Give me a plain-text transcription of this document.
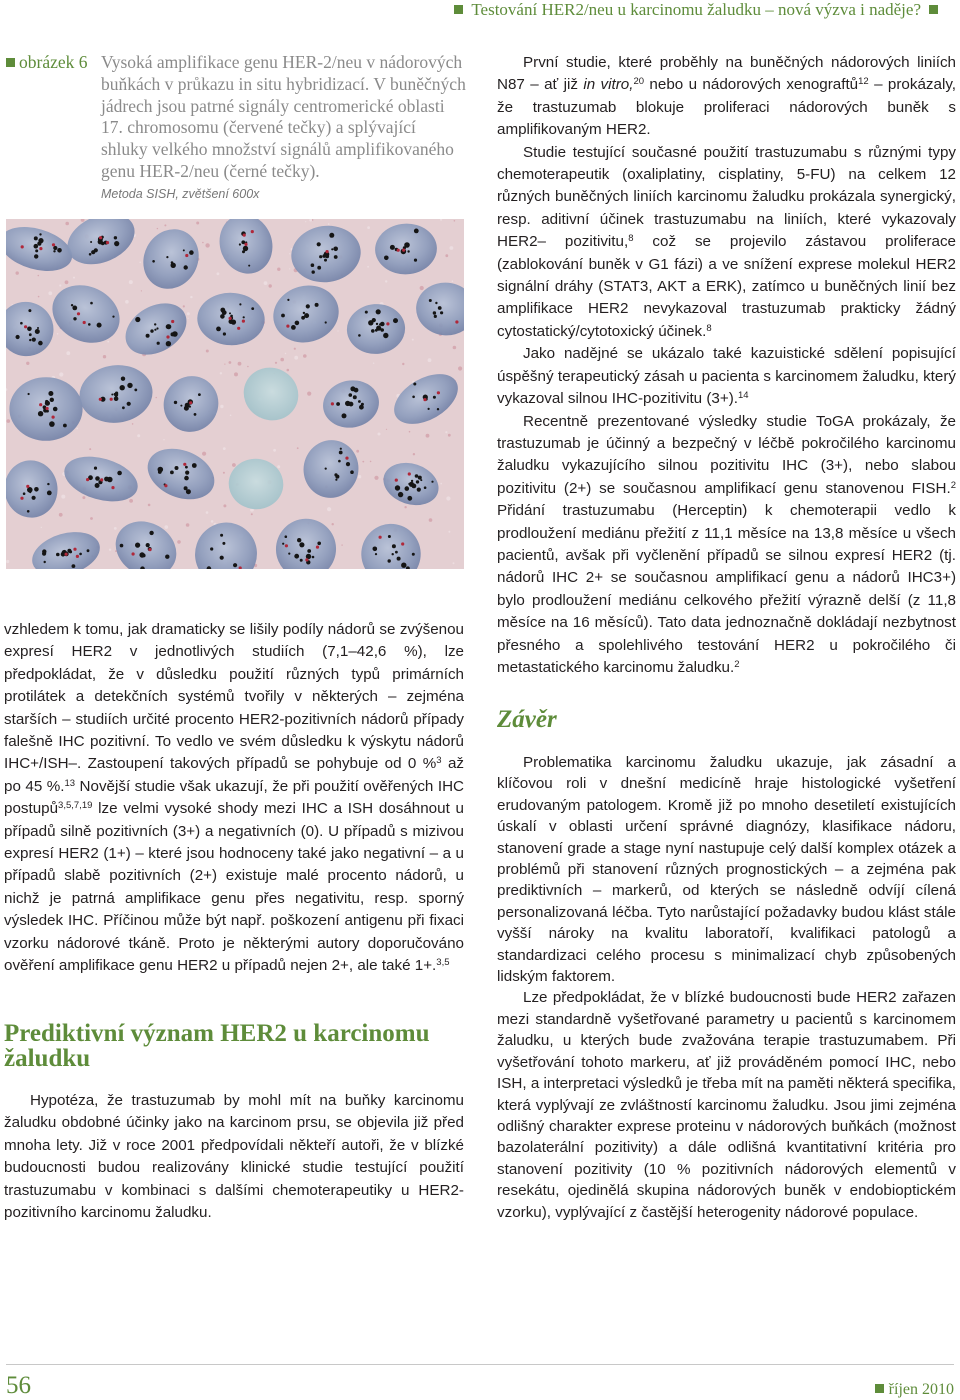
Testování HER2/neu u karcinomu žaludku – nová výzva i naděje?
obrázek 6 Vysoká amplifikace genu HER-2/neu v nádorových buňkách v průkazu in situ hybridizací. V buněčných jádrech jsou patrné signály centromerické oblasti 17. chromosomu (červené tečky) a splývající shluky velkého množství signálů amplifikovaného genu HER-2/neu (černé tečky).
Metoda SISH, zvětšení 600x

vzhledem k tomu, jak dramaticky se lišily podíly nádorů se zvýšenou expresí HER2 v jednotlivých studiích (7,1–42,6 %), lze předpokládat, že v důsledku použití různých typů primárních protilátek a detekčních systémů tvořily v některých – zejména starších – studiích určité procento HER2-pozitivních nádorů případy falešně IHC pozitivní. To vedlo ve svém důsledku k výskytu nádorů IHC+/ISH–. Zastoupení takových případů se pohybuje od 0 %$^3$ až po 45 %.$^{13}$ Novější studie však ukazují, že při použití ověřených IHC postupů$^{3,5,7,19}$ lze velmi vysoké shody mezi IHC a ISH dosáhnout u případů silně pozitivních (3+) a negativních (0). U případů s mizivou expresí HER2 (1+) – které jsou hodnoceny také jako negativní – a u případů slabě pozitivních (2+) existuje malé procento nádorů, u nichž je patrná amplifikace genu přes negativitu, resp. sporný výsledek IHC. Příčinou může být např. poškození antigenu při fixaci vzorku nádorové tkáně. Proto je některými autory doporučováno ověření amplifikace genu HER2 u případů nejen 2+, ale také 1+.$^{3,5}$

Prediktivní význam HER2 u karcinomu žaludku

Hypotéza, že trastuzumab by mohl mít na buňky karcinomu žaludku obdobné účinky jako na karcinom prsu, se objevila již před mnoha lety. Již v roce 2001 předpovídali někteří autoři, že v blízké budoucnosti budou realizovány klinické studie testující použití trastuzumabu v kombinaci s dalšími chemoterapeutiky u HER2-pozitivního karcinomu žaludku.

První studie, které proběhly na buněčných nádorových liniích N87 – ať již in vitro,$^{20}$ nebo u nádorových xenograftů$^{12}$ – prokázaly, že trastuzumab blokuje proliferaci nádorových buněk s amplifikovaným HER2.

Studie testující současné použití trastuzumabu s různými typy chemoterapeutik (oxaliplatiny, cisplatiny, 5-FU) na celkem 12 různých buněčných liniích karcinomu žaludku prokázala synergický, resp. aditivní účinek trastuzumabu na liniích, které vykazovaly HER2– pozitivitu,$^8$ což se projevilo zástavou proliferace (zablokování buněk v G1 fázi) a ve snížení exprese molekul HER2 signální dráhy (STAT3, AKT a ERK), zatímco u buněčných linií bez amplifikace HER2 nevykazoval trastuzumab prakticky žádný cytostatický/cytotoxický účinek.$^8$

Jako nadějné se ukázalo také kazuistické sdělení popisující úspěšný terapeutický zásah u pacienta s karcinomem žaludku, který vykazoval silnou IHC-pozitivitu (3+).$^{14}$

Recentně prezentované výsledky studie ToGA prokázaly, že trastuzumab je účinný a bezpečný v léčbě pokročilého karcinomu žaludku vykazujícího silnou pozitivitu IHC (3+), nebo slabou pozitivitu (2+) se současnou amplifikací genu stanovenou FISH.$^2$ Přidání trastuzumabu (Herceptin) k chemoterapii vedlo k prodloužení mediánu přežití z 11,1 měsíce na 13,8 měsíce u všech pacientů, avšak při vyčlenění případů se silnou expresí HER2 (tj. nádorů IHC 2+ se současnou amplifikací genu a nádorů IHC3+) bylo prodloužení mediánu celkového přežití výrazně delší (z 11,8 měsíce na 16 měsíců). Tato data jednoznačně dokládají nezbytnost přesného a spolehlivého testování HER2 u pokročilého či metastatického karcinomu žaludku.$^2$

Závěr

Problematika karcinomu žaludku ukazuje, jak zásadní a klíčovou roli v dnešní medicíně hraje histologické vyšetření erudovaným patologem. Kromě již po mnoho desetiletí existujících úskalí v oblasti určení správné diagnózy, klasifikace nádoru, stanovení grade a stage nyní nastupuje celý další komplex otázek a problémů při stanovení různých prognostických – a zejména pak prediktivních – markerů, od kterých se následně odvíjí cílená personalizovaná léčba. Tyto narůstající požadavky budou klást stále vyšší nároky na kvalitu laboratoří, kvalifikaci patologů a standardizaci celého procesu s minimalizací chyb způsobených lidským faktorem.

Lze předpokládat, že v blízké budoucnosti bude HER2 zařazen mezi standardně vyšetřované parametry u pacientů s karcinomem žaludku, u kterých bude zvažována terapie trastuzumabem. Při vyšetřování tohoto markeru, ať již prováděném pomocí IHC, nebo ISH, a interpretaci výsledků je třeba mít na paměti některá specifika, která vyplývají ze zvláštností karcinomu žaludku. Jsou jimi zejména odlišný charakter exprese proteinu v nádorových buňkách (možnost bazolaterální pozitivity) a dále odlišná kvantitativní kritéria pro stanovení pozitivity (10 % pozitivních nádorových elementů v resekátu, ojedinělá skupina nádorových buněk v endobioptickém vzorku), vyplývající z častější heterogenity nádorové populace.

56	říjen 2010
